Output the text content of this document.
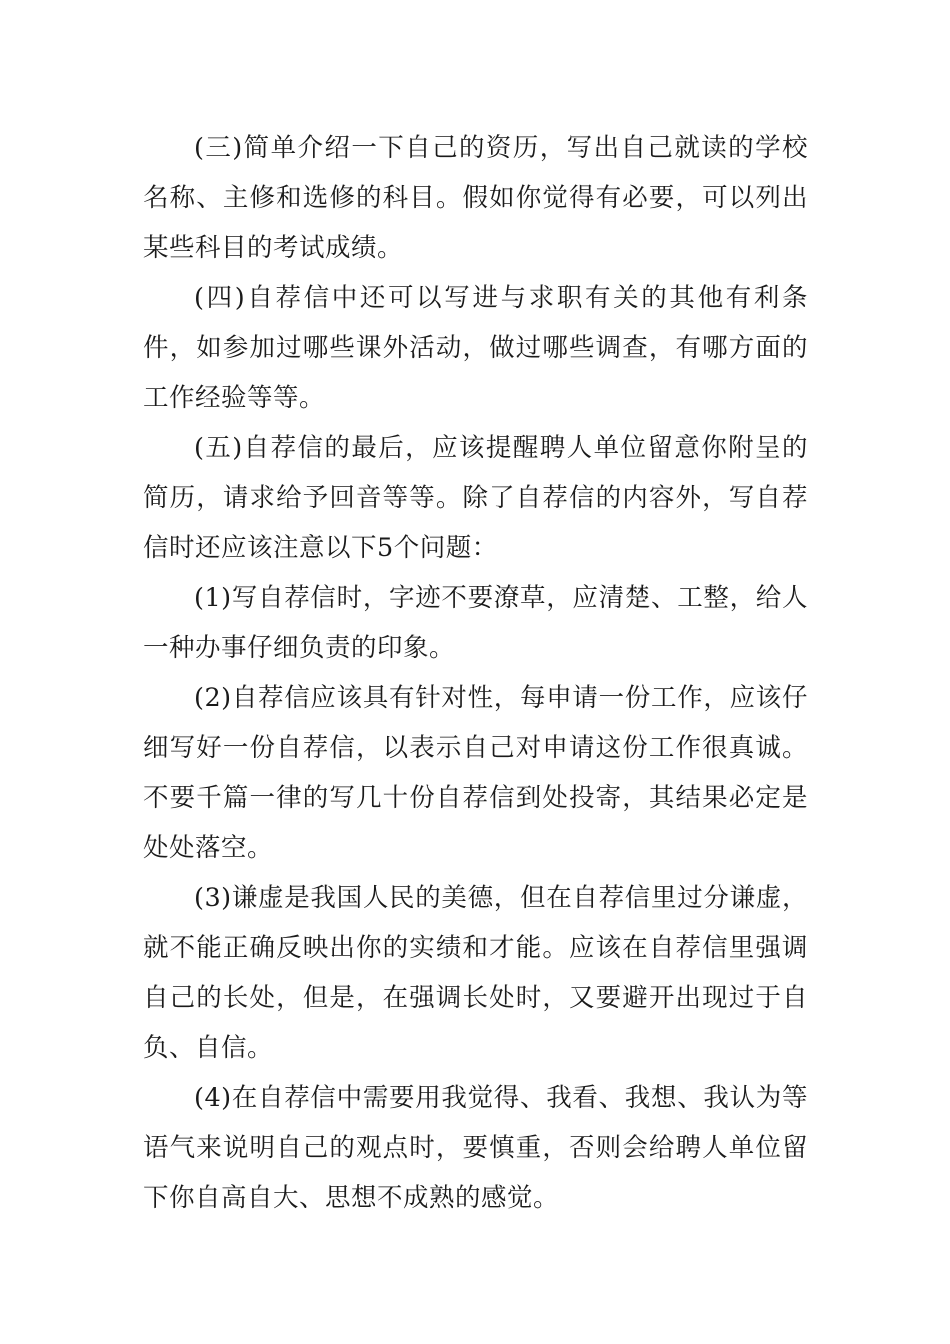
(三)简单介绍一下自己的资历，写出自己就读的学校名称、主修和选修的科目。假如你觉得有必要，可以列出某些科目的考试成绩。

(四)自荐信中还可以写进与求职有关的其他有利条件，如参加过哪些课外活动，做过哪些调查，有哪方面的工作经验等等。

(五)自荐信的最后，应该提醒聘人单位留意你附呈的简历，请求给予回音等等。除了自荐信的内容外，写自荐信时还应该注意以下5个问题：

(1)写自荐信时，字迹不要潦草，应清楚、工整，给人一种办事仔细负责的印象。

(2)自荐信应该具有针对性，每申请一份工作，应该仔细写好一份自荐信，以表示自己对申请这份工作很真诚。不要千篇一律的写几十份自荐信到处投寄，其结果必定是处处落空。

(3)谦虚是我国人民的美德，但在自荐信里过分谦虚，就不能正确反映出你的实绩和才能。应该在自荐信里强调自己的长处，但是，在强调长处时，又要避开出现过于自负、自信。

(4)在自荐信中需要用我觉得、我看、我想、我认为等语气来说明自己的观点时，要慎重，否则会给聘人单位留下你自高自大、思想不成熟的感觉。
